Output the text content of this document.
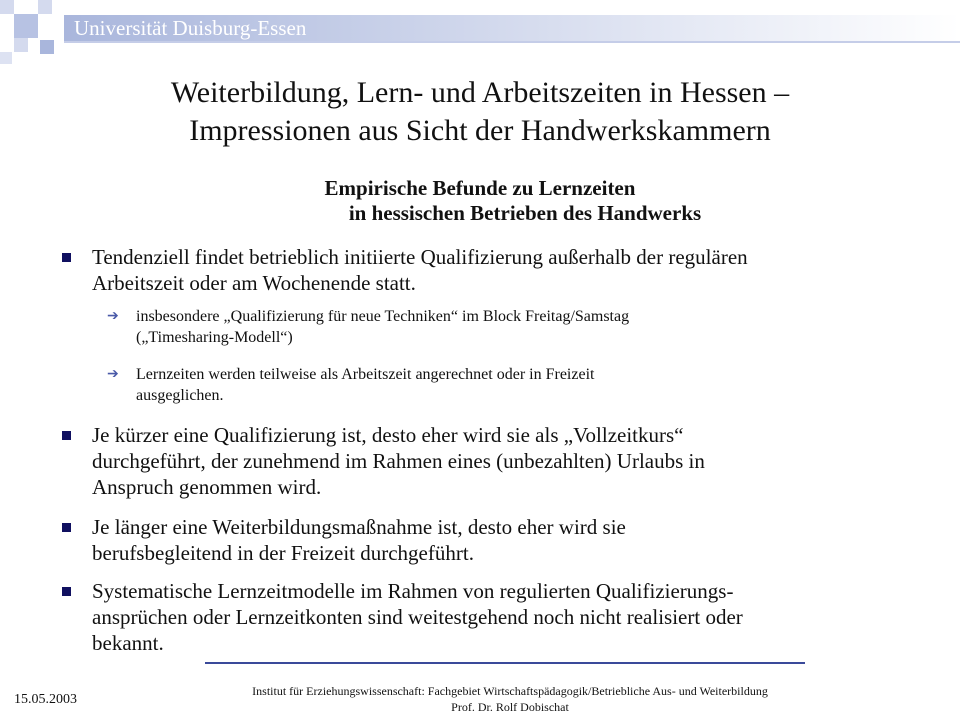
Universität Duisburg-Essen
Weiterbildung, Lern- und Arbeitszeiten in Hessen –
Impressionen aus Sicht der Handwerkskammern
Empirische Befunde zu Lernzeiten
in hessischen Betrieben des Handwerks
Tendenziell findet betrieblich initiierte Qualifizierung außerhalb der regulären
Arbeitszeit oder am Wochenende statt.
➔ insbesondere „Qualifizierung für neue Techniken“ im Block Freitag/Samstag
(„Timesharing-Modell“)
➔ Lernzeiten werden teilweise als Arbeitszeit angerechnet oder in Freizeit
ausgeglichen.
Je kürzer eine Qualifizierung ist, desto eher wird sie als „Vollzeitkurs“
durchgeführt, der zunehmend im Rahmen eines (unbezahlten) Urlaubs in
Anspruch genommen wird.
Je länger eine Weiterbildungsmaßnahme ist, desto eher wird sie
berufsbegleitend in der Freizeit durchgeführt.
Systematische Lernzeitmodelle im Rahmen von regulierten Qualifizierungs-
ansprüchen oder Lernzeitkonten sind weitestgehend noch nicht realisiert oder
bekannt.
15.05.2003
Institut für Erziehungswissenschaft: Fachgebiet Wirtschaftspädagogik/Betriebliche Aus- und Weiterbildung
Prof. Dr. Rolf Dobischat
